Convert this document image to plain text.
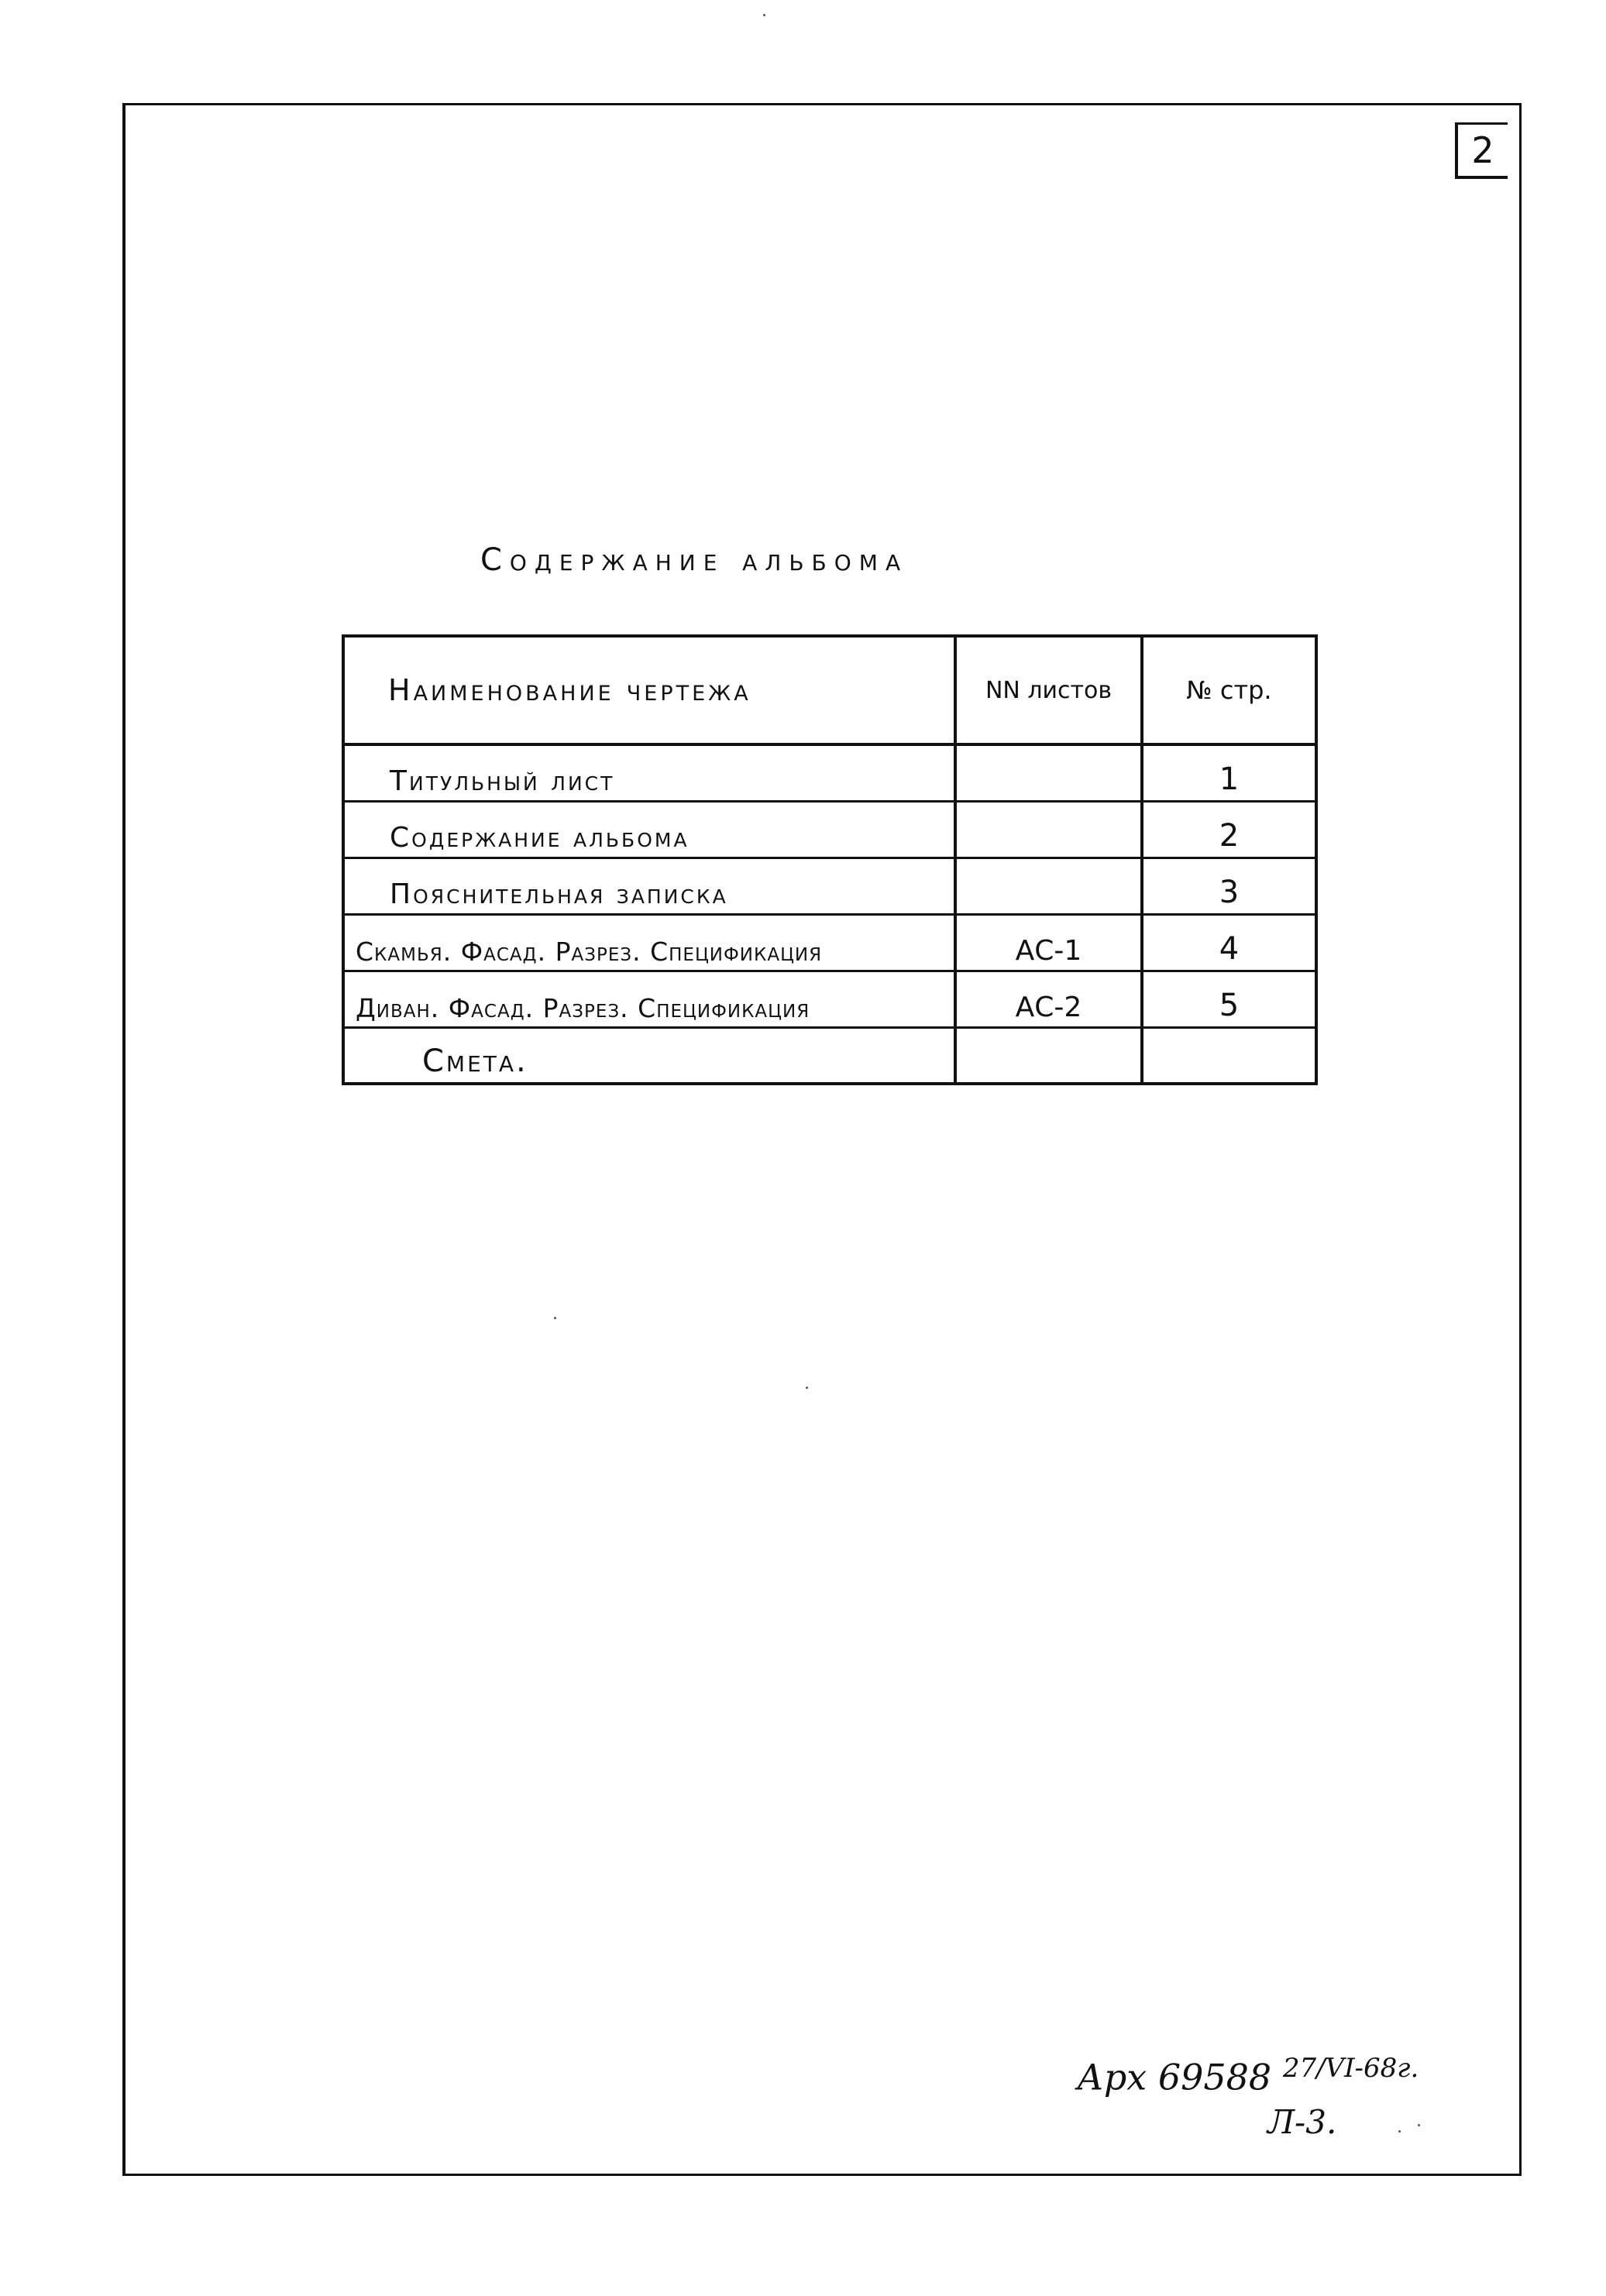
2
Содержание альбома
Наименование чертежа	NN листов	№ стр.
Титульный лист		1
Содержание альбома		2
Пояснительная записка		3
Скамья. Фасад. Разрез. Спецификация	АС-1	4
Диван. Фасад. Разрез. Спецификация	АС-2	5
Смета.		
Арх 69588 $^{27/VI-68г.}$
Л-3.
